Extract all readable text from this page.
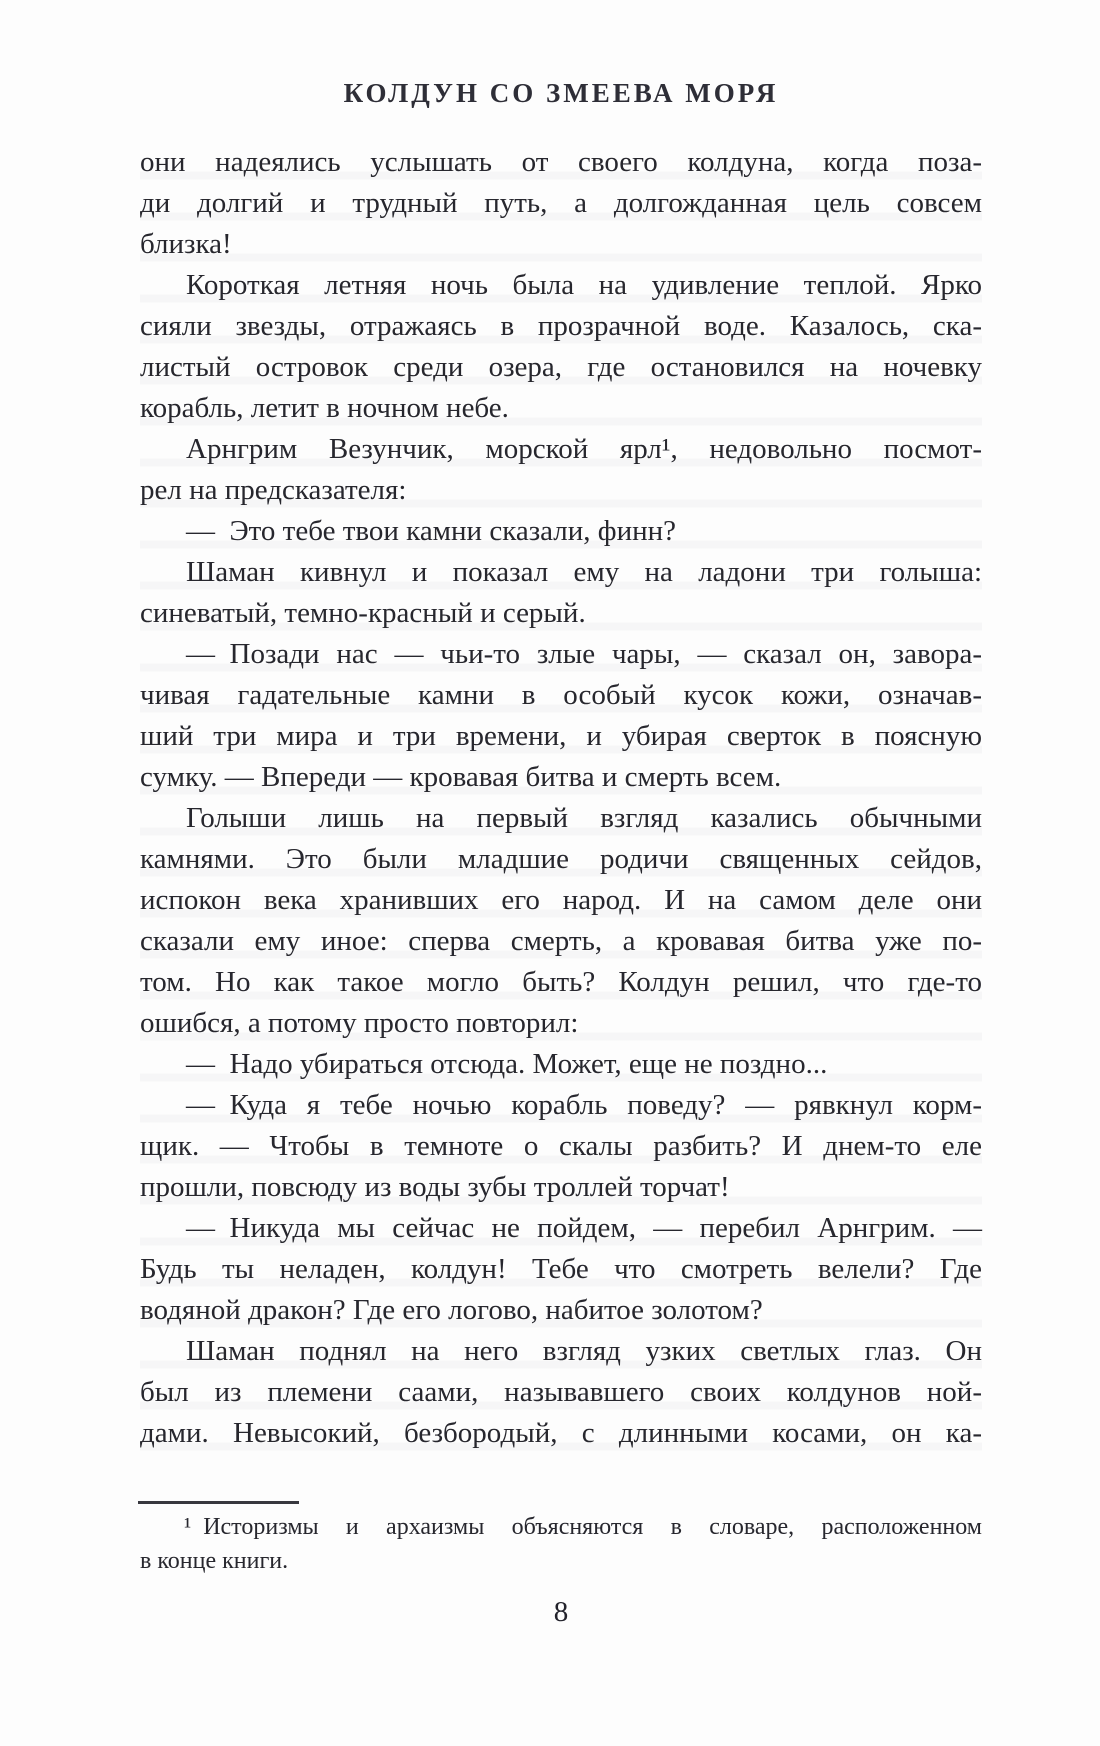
КОЛДУН СО ЗМЕЕВА МОРЯ
они надеялись услышать от своего колдуна, когда поза-
ди долгий и трудный путь, а долгожданная цель совсем
близка!
Короткая летняя ночь была на удивление теплой. Ярко
сияли звезды, отражаясь в прозрачной воде. Казалось, ска-
листый островок среди озера, где остановился на ночевку
корабль, летит в ночном небе.
Арнгрим Везунчик, морской ярл¹, недовольно посмот-
рел на предсказателя:
— Это тебе твои камни сказали, финн?
Шаман кивнул и показал ему на ладони три голыша:
синеватый, темно-красный и серый.
— Позади нас — чьи-то злые чары, — сказал он, завора-
чивая гадательные камни в особый кусок кожи, означав-
ший три мира и три времени, и убирая сверток в поясную
сумку. — Впереди — кровавая битва и смерть всем.
Голыши лишь на первый взгляд казались обычными
камнями. Это были младшие родичи священных сейдов,
испокон века хранивших его народ. И на самом деле они
сказали ему иное: сперва смерть, а кровавая битва уже по-
том. Но как такое могло быть? Колдун решил, что где-то
ошибся, а потому просто повторил:
— Надо убираться отсюда. Может, еще не поздно...
— Куда я тебе ночью корабль поведу? — рявкнул корм-
щик. — Чтобы в темноте о скалы разбить? И днем-то еле
прошли, повсюду из воды зубы троллей торчат!
— Никуда мы сейчас не пойдем, — перебил Арнгрим. —
Будь ты неладен, колдун! Тебе что смотреть велели? Где
водяной дракон? Где его логово, набитое золотом?
Шаман поднял на него взгляд узких светлых глаз. Он
был из племени саами, называвшего своих колдунов ной-
дами. Невысокий, безбородый, с длинными косами, он ка-
¹ Историзмы и архаизмы объясняются в словаре, расположенном
в конце книги.
8
